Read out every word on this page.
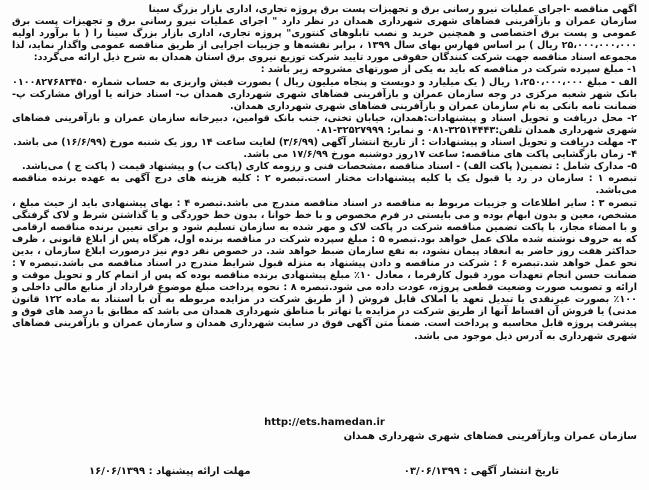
اگهی مناقصه -اجرای عملیات نیرو رسانی برق و تجهیزات پست برق پروژه تجاری، اداری بازار بزرگ سینا
سازمان عمران و بازآفرینی فضاهای شهری شهرداری همدان در نظر دارد " اجرای عملیات نیرو رسانی برق و تجهیزات پست برق عمومی و پست برق اختصاصی و همچنین خرید و نصب تابلوهای کنتوری" پروژه تجاری، اداری بازار بزرگ سینا را ( با برآورد اولیه ۲۵،۰۰۰،۰۰۰،۰۰۰ ریال ) بر اساس فهارس بهای سال ۱۳۹۹ ، برابر نقشه‌ها و جزییات اجرایی از طریق مناقصه عمومی واگذار نماید، لذا مجموعه اسناد مناقصه جهت شرکت کنندگان حقوقی مورد تایید شرکت توزیع نیروی برق استان همدان به شرح ذیل ارائه می‌گردد:
۱- مبلغ سپرده شرکت در مناقصه که باید به یکی از صورتهای مشروحه زیر باشد :
الف - مبلغ ۱،۲۵۰،۰۰۰،۰۰۰ ریال ( یک میلیارد و دویست و پنجاه میلیون ریال ) بصورت فیش واریزی به حساب شماره ۰۱۰۰۸۲۷۶۸۳۴۵۰ بانک شهر شعبه مرکزی در وجه سازمان عمران و بازآفرینی فضاهای شهری شهرداری همدان ب- اسناد خزانه یا اوراق مشارکت پ- ضمانت نامه بانکی به نام سازمان عمران و بازآفرینی فضاهای شهری شهرداری همدان.
۲- محل دریافت و تحویل اسناد و پیشنهادات:همدان، خیابان تختی، جنب بانک قوامین، دبیرخانه سازمان عمران و بازآفرینی فضاهای شهری شهرداری همدان تلفن:۳۲۵۱۴۴۴۳-۰۸۱ و نمابر: ۳۲۵۲۷۹۹۹-۰۸۱
۳- مهلت دریافت و تحویل اسناد و پیشنهادات : از تاریخ انتشار آگهی (۳/۶/۹۹) لغایت ساعت ۱۴ روز یک شنبه مورخ (۱۶/۶/۹۹) می باشد.
۴- زمان بازگشایی پاکت های مناقصه: ساعت ۱۷روز دوشنبه مورخ ۱۷/۶/۹۹ می باشد.
۵- مدارک شامل : تضمین( پاکت الف) - اسناد مناقصه ،مشخصات فنی و رزومه کاری (پاکت ب) و پیشنهاد قیمت ( پاکت ج ) می‌باشد.
تبصره ۱ : سازمان در رد یا قبول یک یا کلیه پیشنهادات مختار است.تبصره ۲ : کلیه هزینه های درج آگهی به عهده برنده مناقصه می‌باشد.
تبصره ۳ : سایر اطلاعات و جزییات مربوط به مناقصه در اسناد مناقصه مندرج می باشد.تبصره ۴ : بهای پیشنهادی باید از حیث مبلغ ، مشخص، معین و بدون ابهام بوده و می بایستی در فرم مخصوص و با خط خوانا ، بدون خط خوردگی و یا گذاشتن شرط و لاک گرفتگی و با امضاء مجاز، با پاکت تضمین مناقصه شرکت در پاکت لاک و مهر شده به سازمان تسلیم شود و برای تعیین برنده مناقصه ارقامی که به حروف نوشته شده ملاک عمل خواهد بود.تبصره ۵ : مبلغ سپرده شرکت در مناقصه برنده اول، هرگاه پس از ابلاغ قانونی ، ظرف حداکثر هفت روز حاضر به انعقاد پیمان نشود، به نفع سازمان ضبط خواهد شد. در خصوص نفر دوم نیز درصورت ابلاغ سازمان ، بدین نحو عمل خواهد شد.تبصره ۶ : شرکت در مناقصه و دادن پیشنهاد به منزله قبول شرایط مندرج در اسناد مناقصه می باشد.تبصره ۷ : ضمانت حسن انجام تعهدات مورد قبول کارفرما ، معادل ۱۰٪ مبلغ پیشنهادی برنده مناقصه بوده که پس از اتمام کار و تحویل موقت و ارائه و تصویب صورت وضعیت قطعی پروژه، عودت داده می شود.تبصره ۸ : نحوه پرداخت مبلغ موضوع قرارداد از منابع مالی داخلی و ۱۰۰٪ بصورت غیرنقدی یا تبدیل تعهد یا املاک قابل فروش ( از طریق شرکت در مزایده مربوطه به آن با استناد به ماده ۱۲۲ قانون مدنی) یا فروش آن اقساط آنها از طریق شرکت در مزایده یا تهاتر با مناطق شهرداری همدان می باشد که مطابق با درصد های فوق و پیشرفت پروژه قابل محاسبه و پرداخت است. ضمناً متن آگهی فوق در سایت شهرداری همدان و سازمان عمران و بازآفرینی فضاهای شهری شهرداری به آدرس ذیل موجود می باشد.
http://ets.hamedan.ir
سازمان عمران وبازآفرینی فضاهای شهری شهرداری همدان
تاریخ انتشار آگهی : ۰۳/۰۶/۱۳۹۹
مهلت ارائه پیشنهاد : ۱۶/۰۶/۱۳۹۹
